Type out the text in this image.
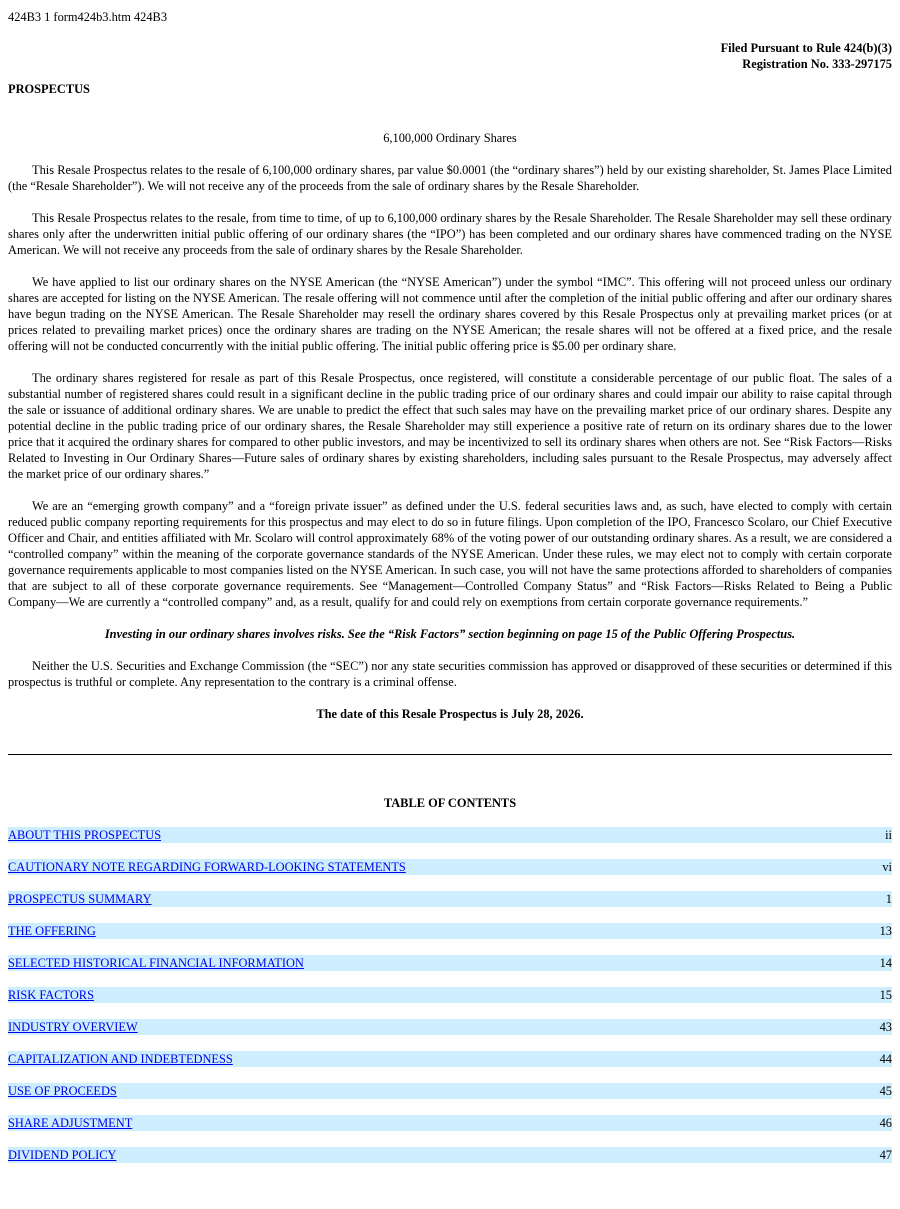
424B3 1 form424b3.htm 424B3
Filed Pursuant to Rule 424(b)(3)
Registration No. 333-297175
PROSPECTUS
6,100,000 Ordinary Shares

This Resale Prospectus relates to the resale of 6,100,000 ordinary shares, par value $0.0001 (the “ordinary shares”) held by our existing shareholder, St. James Place Limited (the “Resale Shareholder”). We will not receive any of the proceeds from the sale of ordinary shares by the Resale Shareholder.

This Resale Prospectus relates to the resale, from time to time, of up to 6,100,000 ordinary shares by the Resale Shareholder. The Resale Shareholder may sell these ordinary shares only after the underwritten initial public offering of our ordinary shares (the “IPO”) has been completed and our ordinary shares have commenced trading on the NYSE American. We will not receive any proceeds from the sale of ordinary shares by the Resale Shareholder.

We have applied to list our ordinary shares on the NYSE American (the “NYSE American”) under the symbol “IMC”. This offering will not proceed unless our ordinary shares are accepted for listing on the NYSE American. The resale offering will not commence until after the completion of the initial public offering and after our ordinary shares have begun trading on the NYSE American. The Resale Shareholder may resell the ordinary shares covered by this Resale Prospectus only at prevailing market prices (or at prices related to prevailing market prices) once the ordinary shares are trading on the NYSE American; the resale shares will not be offered at a fixed price, and the resale offering will not be conducted concurrently with the initial public offering. The initial public offering price is $5.00 per ordinary share.

The ordinary shares registered for resale as part of this Resale Prospectus, once registered, will constitute a considerable percentage of our public float. The sales of a substantial number of registered shares could result in a significant decline in the public trading price of our ordinary shares and could impair our ability to raise capital through the sale or issuance of additional ordinary shares. We are unable to predict the effect that such sales may have on the prevailing market price of our ordinary shares. Despite any potential decline in the public trading price of our ordinary shares, the Resale Shareholder may still experience a positive rate of return on its ordinary shares due to the lower price that it acquired the ordinary shares for compared to other public investors, and may be incentivized to sell its ordinary shares when others are not. See “Risk Factors—Risks Related to Investing in Our Ordinary Shares—Future sales of ordinary shares by existing shareholders, including sales pursuant to the Resale Prospectus, may adversely affect the market price of our ordinary shares.”

We are an “emerging growth company” and a “foreign private issuer” as defined under the U.S. federal securities laws and, as such, have elected to comply with certain reduced public company reporting requirements for this prospectus and may elect to do so in future filings. Upon completion of the IPO, Francesco Scolaro, our Chief Executive Officer and Chair, and entities affiliated with Mr. Scolaro will control approximately 68% of the voting power of our outstanding ordinary shares. As a result, we are considered a “controlled company” within the meaning of the corporate governance standards of the NYSE American. Under these rules, we may elect not to comply with certain corporate governance requirements applicable to most companies listed on the NYSE American. In such case, you will not have the same protections afforded to shareholders of companies that are subject to all of these corporate governance requirements. See “Management—Controlled Company Status” and “Risk Factors—Risks Related to Being a Public Company—We are currently a “controlled company” and, as a result, qualify for and could rely on exemptions from certain corporate governance requirements.”

Investing in our ordinary shares involves risks. See the “Risk Factors” section beginning on page 15 of the Public Offering Prospectus.

Neither the U.S. Securities and Exchange Commission (the “SEC”) nor any state securities commission has approved or disapproved of these securities or determined if this prospectus is truthful or complete. Any representation to the contrary is a criminal offense.

The date of this Resale Prospectus is July 28, 2026.
TABLE OF CONTENTS
ABOUT THIS PROSPECTUS	ii
CAUTIONARY NOTE REGARDING FORWARD-LOOKING STATEMENTS	vi
PROSPECTUS SUMMARY	1
THE OFFERING	13
SELECTED HISTORICAL FINANCIAL INFORMATION	14
RISK FACTORS	15
INDUSTRY OVERVIEW	43
CAPITALIZATION AND INDEBTEDNESS	44
USE OF PROCEEDS	45
SHARE ADJUSTMENT	46
DIVIDEND POLICY	47
